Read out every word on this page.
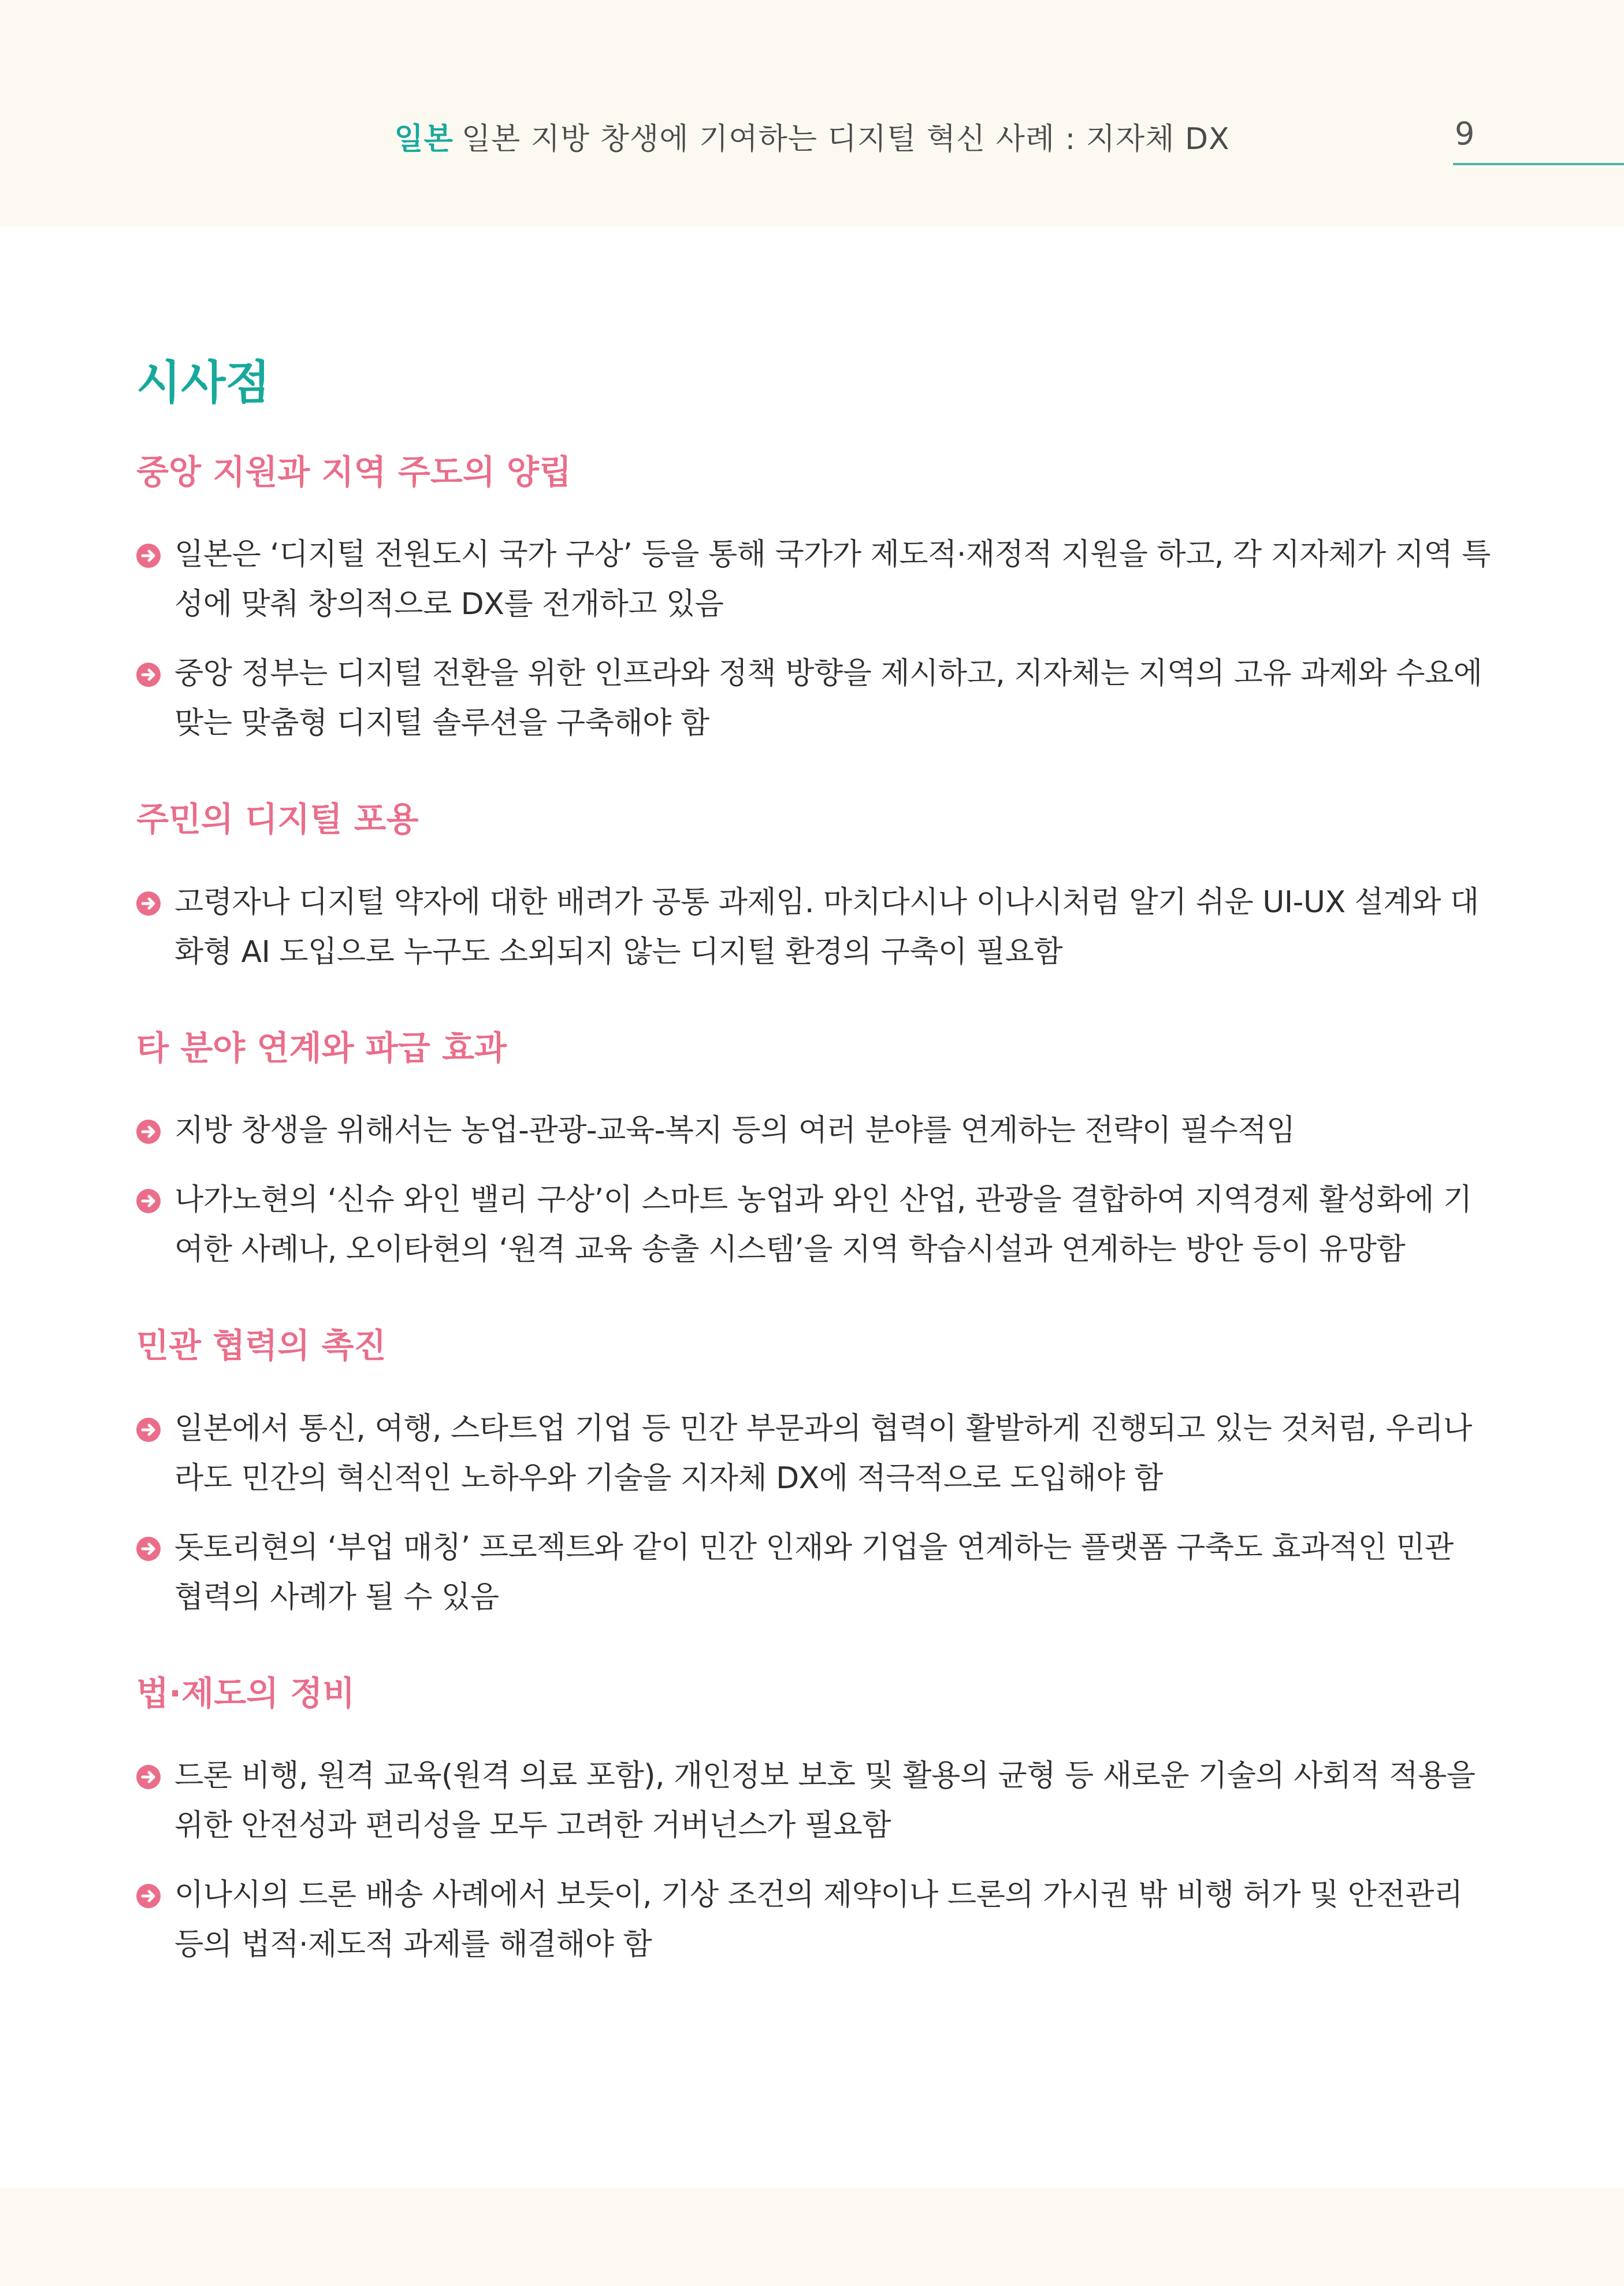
일본 일본 지방 창생에 기여하는 디지털 혁신 사례 : 지자체 DX	9
시사점
중앙 지원과 지역 주도의 양립
일본은 ‘디지털 전원도시 국가 구상’ 등을 통해 국가가 제도적·재정적 지원을 하고, 각 지자체가 지역 특성에 맞춰 창의적으로 DX를 전개하고 있음
중앙 정부는 디지털 전환을 위한 인프라와 정책 방향을 제시하고, 지자체는 지역의 고유 과제와 수요에 맞는 맞춤형 디지털 솔루션을 구축해야 함
주민의 디지털 포용
고령자나 디지털 약자에 대한 배려가 공통 과제임. 마치다시나 이나시처럼 알기 쉬운 UI-UX 설계와 대화형 AI 도입으로 누구도 소외되지 않는 디지털 환경의 구축이 필요함
타 분야 연계와 파급 효과
지방 창생을 위해서는 농업-관광-교육-복지 등의 여러 분야를 연계하는 전략이 필수적임
나가노현의 ‘신슈 와인 밸리 구상’이 스마트 농업과 와인 산업, 관광을 결합하여 지역경제 활성화에 기여한 사례나, 오이타현의 ‘원격 교육 송출 시스템’을 지역 학습시설과 연계하는 방안 등이 유망함
민관 협력의 촉진
일본에서 통신, 여행, 스타트업 기업 등 민간 부문과의 협력이 활발하게 진행되고 있는 것처럼, 우리나라도 민간의 혁신적인 노하우와 기술을 지자체 DX에 적극적으로 도입해야 함
돗토리현의 ‘부업 매칭’ 프로젝트와 같이 민간 인재와 기업을 연계하는 플랫폼 구축도 효과적인 민관 협력의 사례가 될 수 있음
법·제도의 정비
드론 비행, 원격 교육(원격 의료 포함), 개인정보 보호 및 활용의 균형 등 새로운 기술의 사회적 적용을 위한 안전성과 편리성을 모두 고려한 거버넌스가 필요함
이나시의 드론 배송 사례에서 보듯이, 기상 조건의 제약이나 드론의 가시권 밖 비행 허가 및 안전관리 등의 법적·제도적 과제를 해결해야 함
